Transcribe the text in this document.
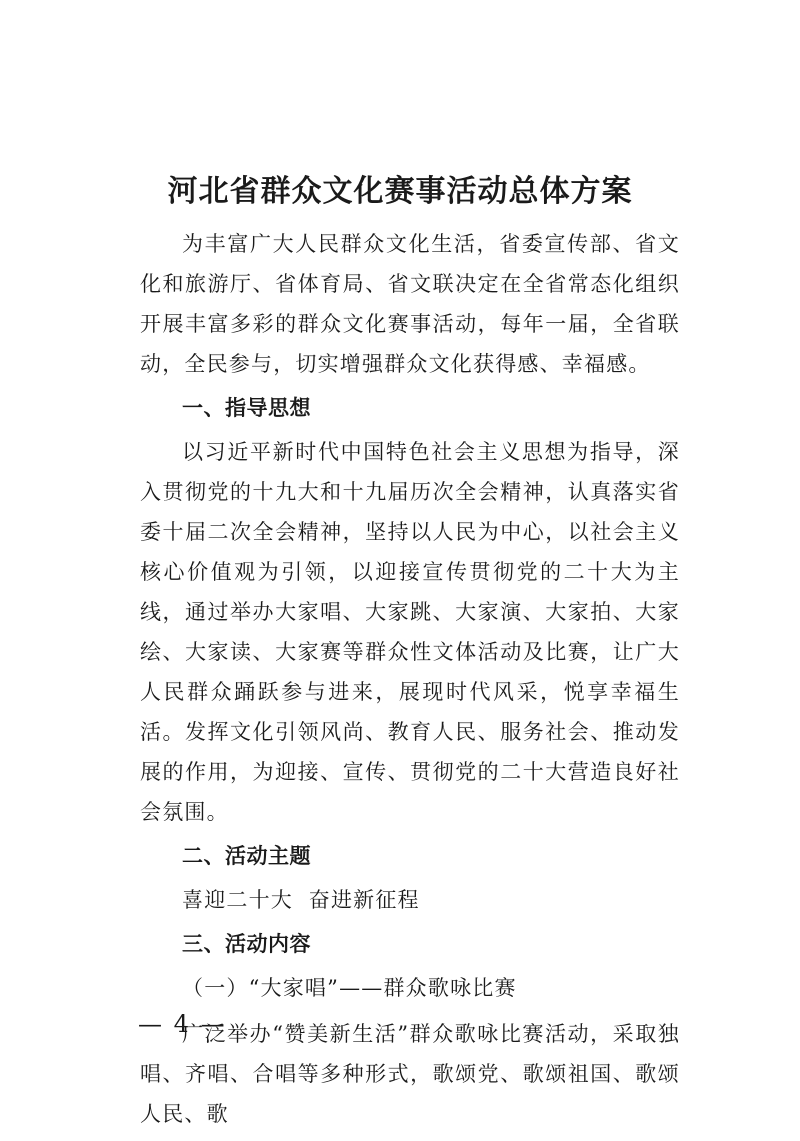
河北省群众文化赛事活动总体方案

为丰富广大人民群众文化生活，省委宣传部、省文化和旅游厅、省体育局、省文联决定在全省常态化组织开展丰富多彩的群众文化赛事活动，每年一届，全省联动，全民参与，切实增强群众文化获得感、幸福感。

一、指导思想

以习近平新时代中国特色社会主义思想为指导，深入贯彻党的十九大和十九届历次全会精神，认真落实省委十届二次全会精神，坚持以人民为中心，以社会主义核心价值观为引领，以迎接宣传贯彻党的二十大为主线，通过举办大家唱、大家跳、大家演、大家拍、大家绘、大家读、大家赛等群众性文体活动及比赛，让广大人民群众踊跃参与进来，展现时代风采，悦享幸福生活。发挥文化引领风尚、教育人民、服务社会、推动发展的作用，为迎接、宣传、贯彻党的二十大营造良好社会氛围。

二、活动主题

喜迎二十大  奋进新征程

三、活动内容

（一）“大家唱”——群众歌咏比赛

广泛举办“赞美新生活”群众歌咏比赛活动，采取独唱、齐唱、合唱等多种形式，歌颂党、歌颂祖国、歌颂人民、歌

— 4 —
